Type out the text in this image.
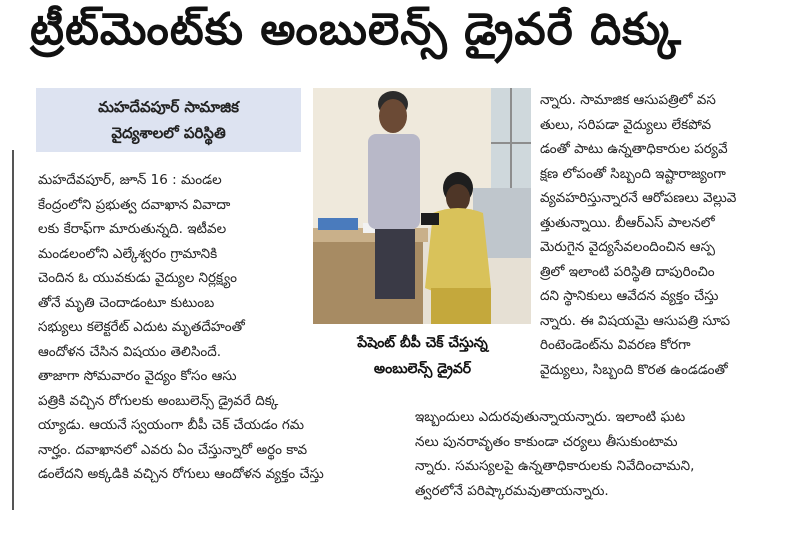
ట్రీట్‌మెంట్‌కు అంబులెన్స్ డ్రైవరే దిక్కు
మహదేవపూర్ సామాజిక
వైద్యశాలలో పరిస్థితి
మహదేవపూర్, జూన్ 16 : మండల
కేంద్రంలోని ప్రభుత్వ దవాఖాన వివాదా
లకు కేరాఫ్‌గా మారుతున్నది. ఇటీవల
మండలంలోని ఎల్కేశ్వరం గ్రామానికి
చెందిన ఓ యువకుడు వైద్యుల నిర్లక్ష్యం
తోనే మృతి చెందాడంటూ కుటుంబ
సభ్యులు కలెక్టరేట్ ఎదుట మృతదేహంతో
ఆందోళన చేసిన విషయం తెలిసిందే.
తాజాగా సోమవారం వైద్యం కోసం ఆసు
పత్రికి వచ్చిన రోగులకు అంబులెన్స్ డ్రైవరే దిక్క
య్యాడు. ఆయనే స్వయంగా బీపీ చెక్ చేయడం గమ
నార్హం. దవాఖానలో ఎవరు ఏం చేస్తున్నారో అర్థం కావ
డంలేదని అక్కడికి వచ్చిన రోగులు ఆందోళన వ్యక్తం చేస్తు
పేషెంట్ బీపీ చెక్ చేస్తున్న
అంబులెన్స్ డ్రైవర్
న్నారు. సామాజిక ఆసుపత్రిలో వస
తులు, సరిపడా వైద్యులు లేకపోవ
డంతో పాటు ఉన్నతాధికారుల పర్యవే
క్షణ లోపంతో సిబ్బంది ఇష్టారాజ్యంగా
వ్యవహరిస్తున్నారనే ఆరోపణలు వెల్లువె
త్తుతున్నాయి. బీఆర్ఎస్ పాలనలో
మెరుగైన వైద్యసేవలందించిన ఆస్ప
త్రిలో ఇలాంటి పరిస్థితి దాపురించిం
దని స్థానికులు ఆవేదన వ్యక్తం చేస్తు
న్నారు. ఈ విషయమై ఆసుపత్రి సూప
రింటెండెంట్‌ను వివరణ కోరగా
వైద్యులు, సిబ్బంది కొరత ఉండడంతో
ఇబ్బందులు ఎదురవుతున్నాయన్నారు. ఇలాంటి ఘట
నలు పునరావృతం కాకుండా చర్యలు తీసుకుంటామ
న్నారు. సమస్యలపై ఉన్నతాధికారులకు నివేదించామని,
త్వరలోనే పరిష్కారమవుతాయన్నారు.
